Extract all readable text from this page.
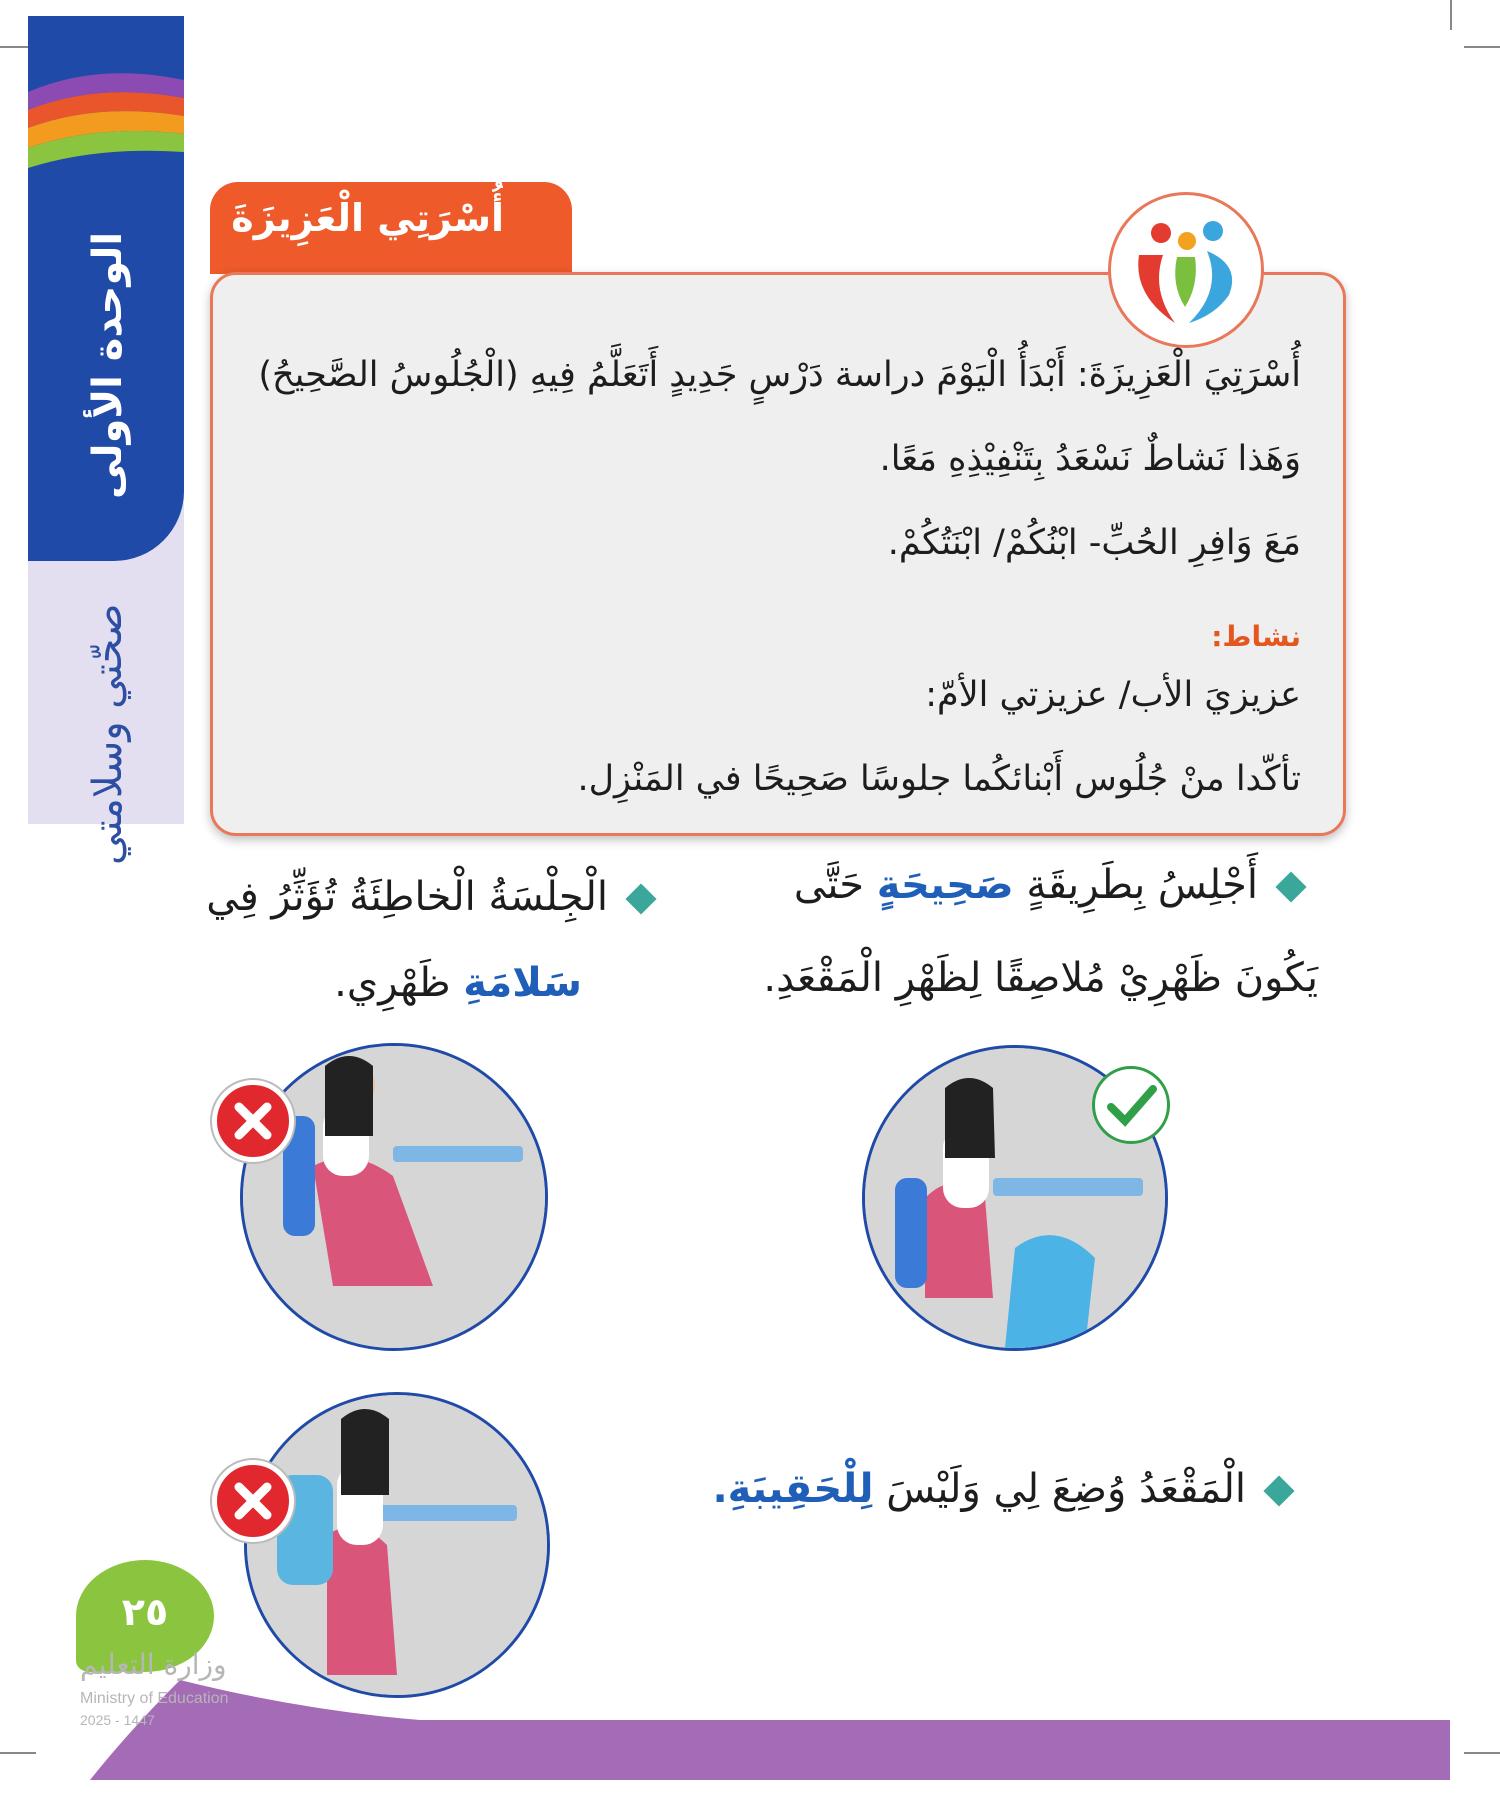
الوحدة الأولى
صحّتي وسلامتي
أُسْرَتِي الْعَزِيزَةَ
أُسْرَتِيَ الْعَزِيزَةَ: أَبْدَأُ الْيَوْمَ دراسة دَرْسٍ جَدِيدٍ أَتَعَلَّمُ فِيهِ (الْجُلُوسُ الصَّحِيحُ)
وَهَذا نَشاطٌ نَسْعَدُ بِتَنْفِيْذِهِ مَعًا.
مَعَ وَافِرِ الحُبِّ- ابْنُكُمْ/ ابْنَتُكُمْ.
نشاط:
عزيزيَ الأب/ عزيزتي الأمّ:
تأكّدا منْ جُلُوس أَبْنائكُما جلوسًا صَحِيحًا في المَنْزِل.
أَجْلِسُ بِطَرِيقَةٍ صَحِيحَةٍ حَتَّى
يَكُونَ ظَهْرِيْ مُلاصِقًا لِظَهْرِ الْمَقْعَدِ.
الْجِلْسَةُ الْخاطِئَةُ تُؤَثِّرُ فِي
سَلامَةِ ظَهْرِي.
الْمَقْعَدُ وُضِعَ لِي وَلَيْسَ لِلْحَقِيبَةِ.
٢٥
وزارة التعليم
Ministry of Education
2025 - 1447
